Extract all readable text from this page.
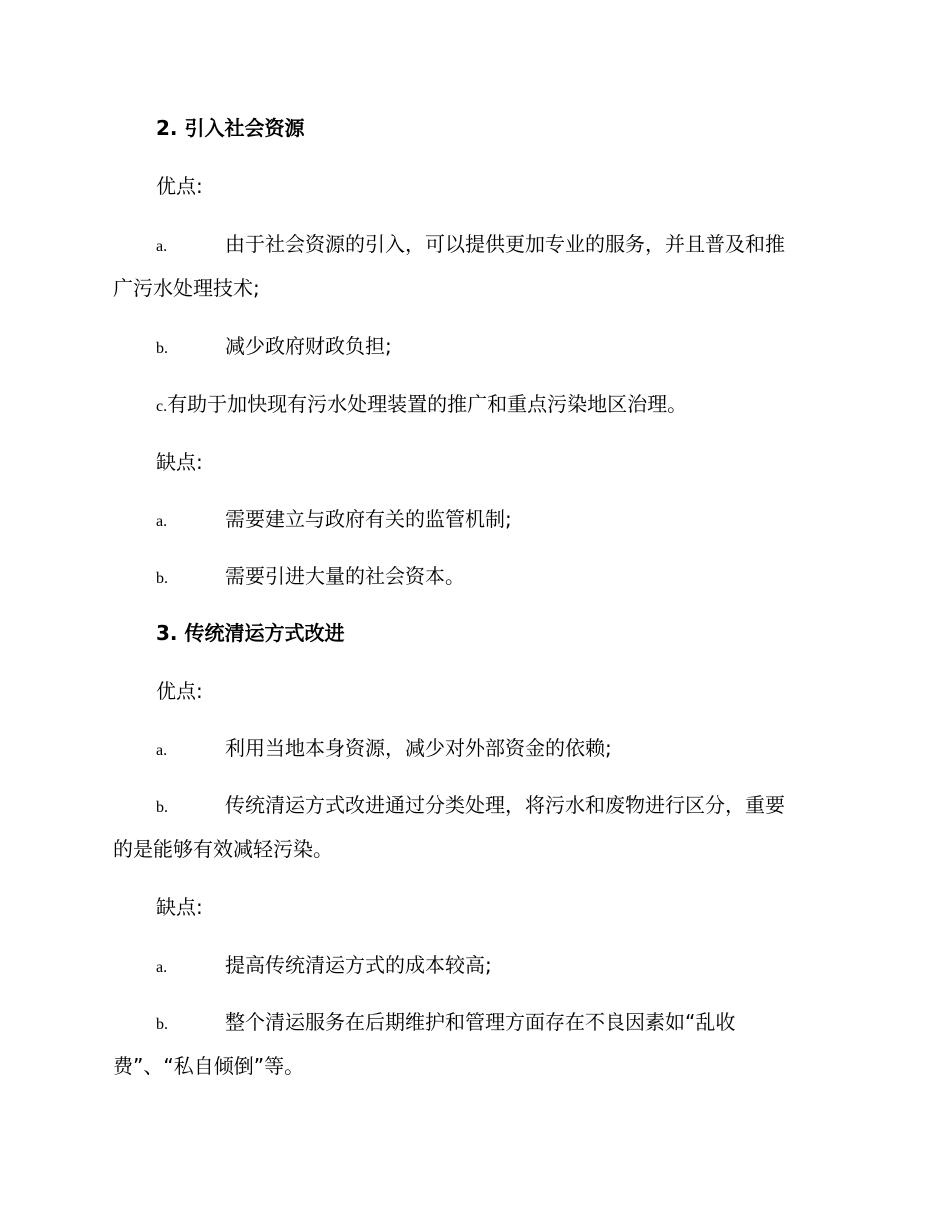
2. 引入社会资源
优点:
a.	由于社会资源的引入，可以提供更加专业的服务，并且普及和推
广污水处理技术;
b.	减少政府财政负担;
c.有助于加快现有污水处理装置的推广和重点污染地区治理。
缺点:
a.	需要建立与政府有关的监管机制;
b.	需要引进大量的社会资本。
3. 传统清运方式改进
优点:
a.	利用当地本身资源，减少对外部资金的依赖;
b.	传统清运方式改进通过分类处理，将污水和废物进行区分，重要
的是能够有效减轻污染。
缺点:
a.	提高传统清运方式的成本较高;
b.	整个清运服务在后期维护和管理方面存在不良因素如“乱收
费”、“私自倾倒”等。
